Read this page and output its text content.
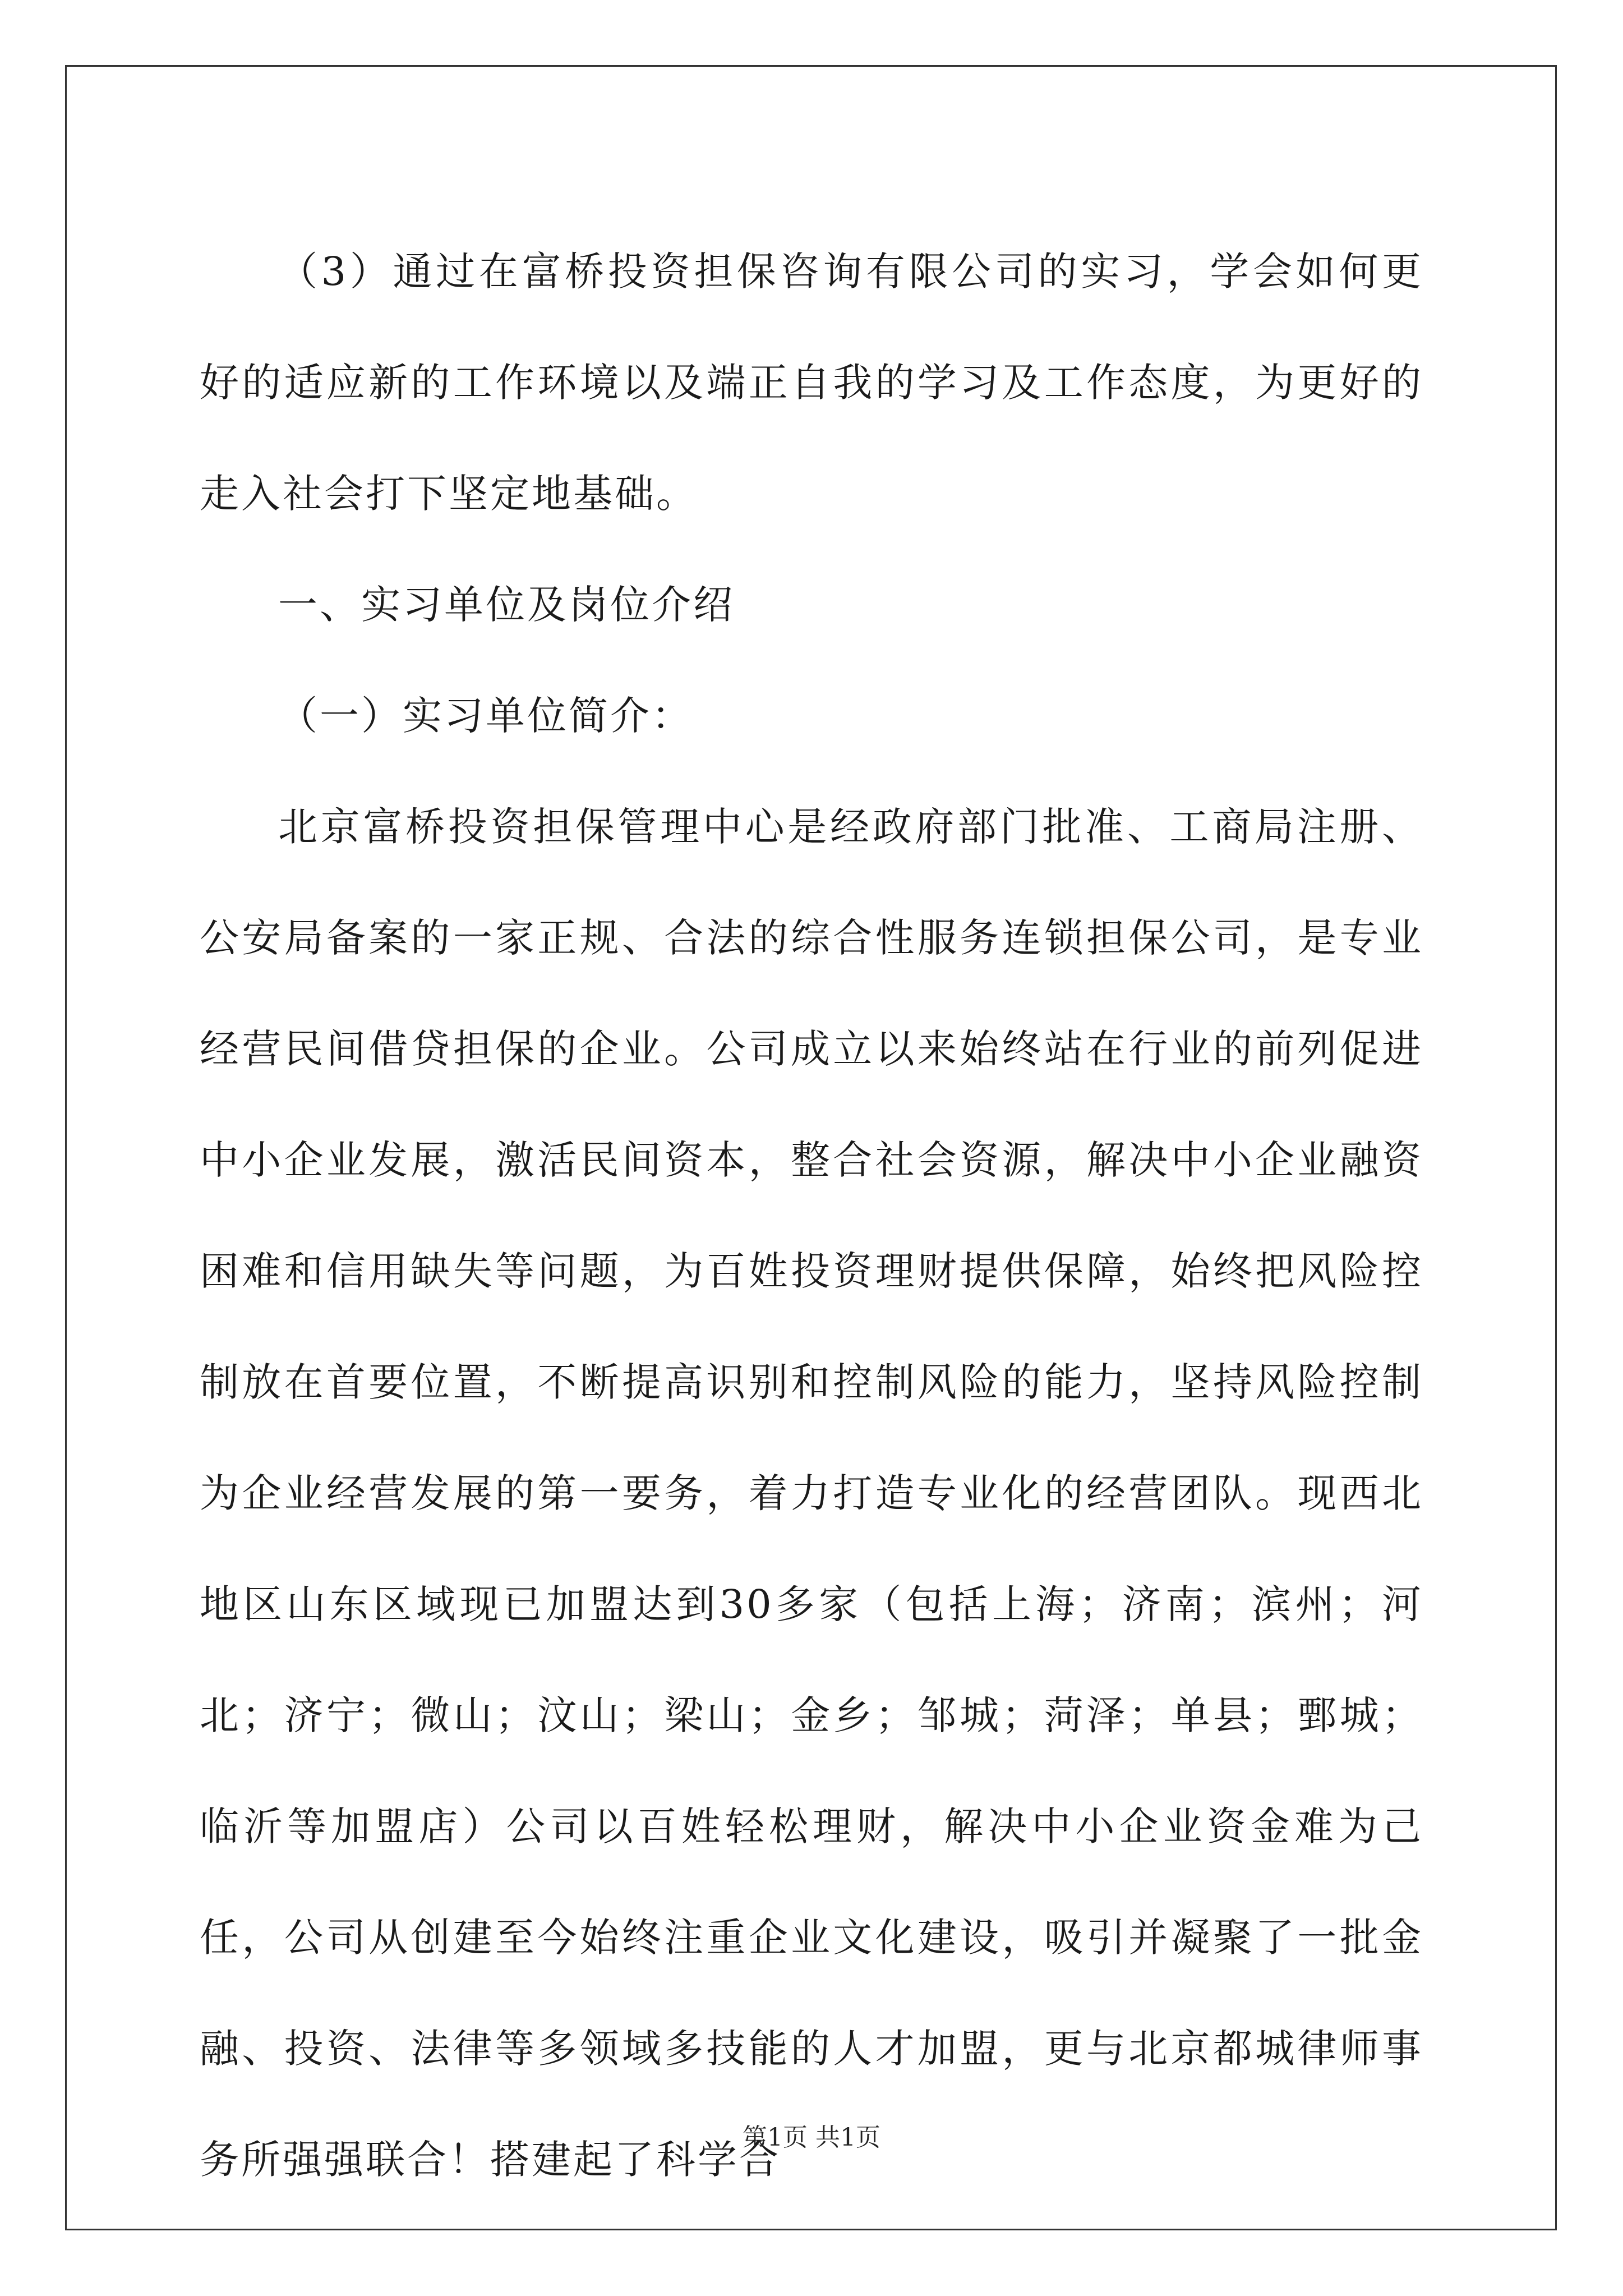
（3）通过在富桥投资担保咨询有限公司的实习，学会如何更好的适应新的工作环境以及端正自我的学习及工作态度，为更好的走入社会打下坚定地基础。

一、实习单位及岗位介绍

（一）实习单位简介：

北京富桥投资担保管理中心是经政府部门批准、工商局注册、公安局备案的一家正规、合法的综合性服务连锁担保公司，是专业经营民间借贷担保的企业。公司成立以来始终站在行业的前列促进中小企业发展，激活民间资本，整合社会资源，解决中小企业融资困难和信用缺失等问题，为百姓投资理财提供保障，始终把风险控制放在首要位置，不断提高识别和控制风险的能力，坚持风险控制为企业经营发展的第一要务，着力打造专业化的经营团队。现西北地区山东区域现已加盟达到30多家（包括上海；济南；滨州；河北；济宁；微山；汶山；梁山；金乡；邹城；菏泽；单县；鄄城；临沂等加盟店）公司以百姓轻松理财，解决中小企业资金难为己任，公司从创建至今始终注重企业文化建设，吸引并凝聚了一批金融、投资、法律等多领域多技能的人才加盟，更与北京都城律师事务所强强联合！搭建起了科学合

第1页 共1页
